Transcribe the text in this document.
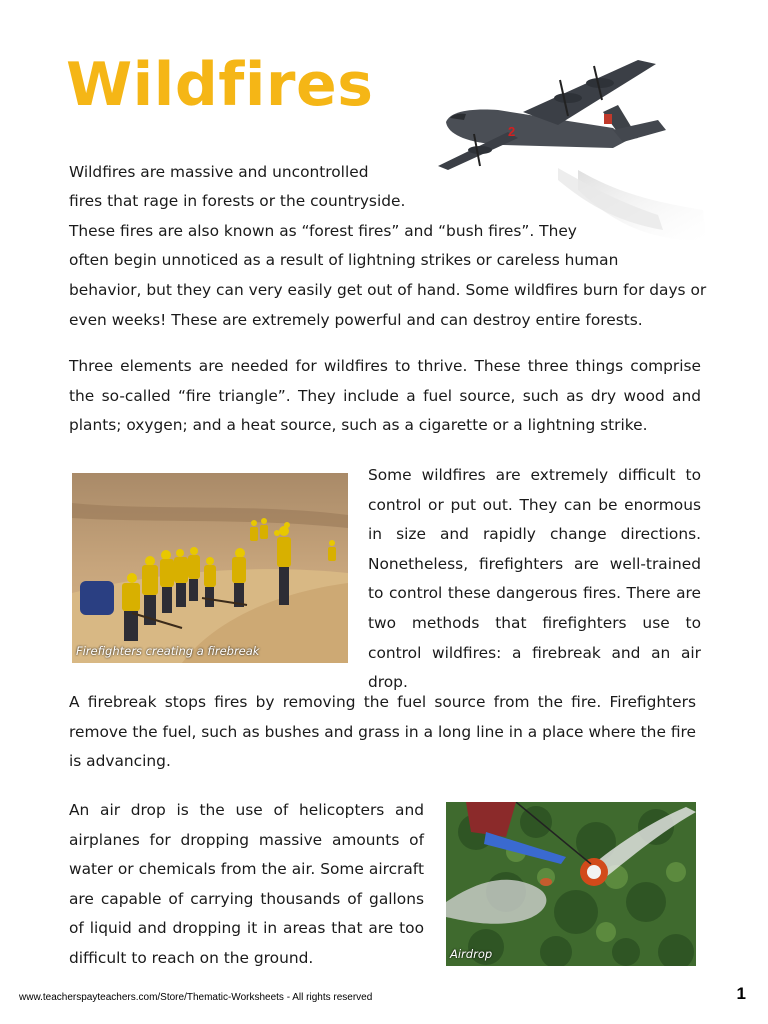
Wildfires
2

Wildfires are massive and uncontrolled

fires that rage in forests or the countryside.

These fires are also known as “forest fires” and “bush fires”. They

often begin unnoticed as a result of lightning strikes or careless human

behavior, but they can very easily get out of hand. Some wildfires burn for days or

even weeks! These are extremely powerful and can destroy entire forests.

Three elements are needed for wildfires to thrive. These three things comprise the so-called “fire triangle”. They include a fuel source, such as dry wood and plants; oxygen; and a heat source, such as a cigarette or a lightning strike.

Firefighters creating a firebreak

Some wildfires are extremely difficult to control or put out. They can be enormous in size and rapidly change directions. Nonetheless, firefighters are well-trained to control these dangerous fires. There are two methods that firefighters use to control wildfires: a firebreak and an air drop.

A firebreak stops fires by removing the fuel source from the fire. Firefighters remove the fuel, such as bushes and grass in a long line in a place where the fire is advancing.

An air drop is the use of helicopters and airplanes for dropping massive amounts of water or chemicals from the air. Some aircraft are capable of carrying thousands of gallons of liquid and dropping it in areas that are too difficult to reach on the ground.	Airdrop
www.teacherspayteachers.com/Store/Thematic-Worksheets - All rights reserved	1
